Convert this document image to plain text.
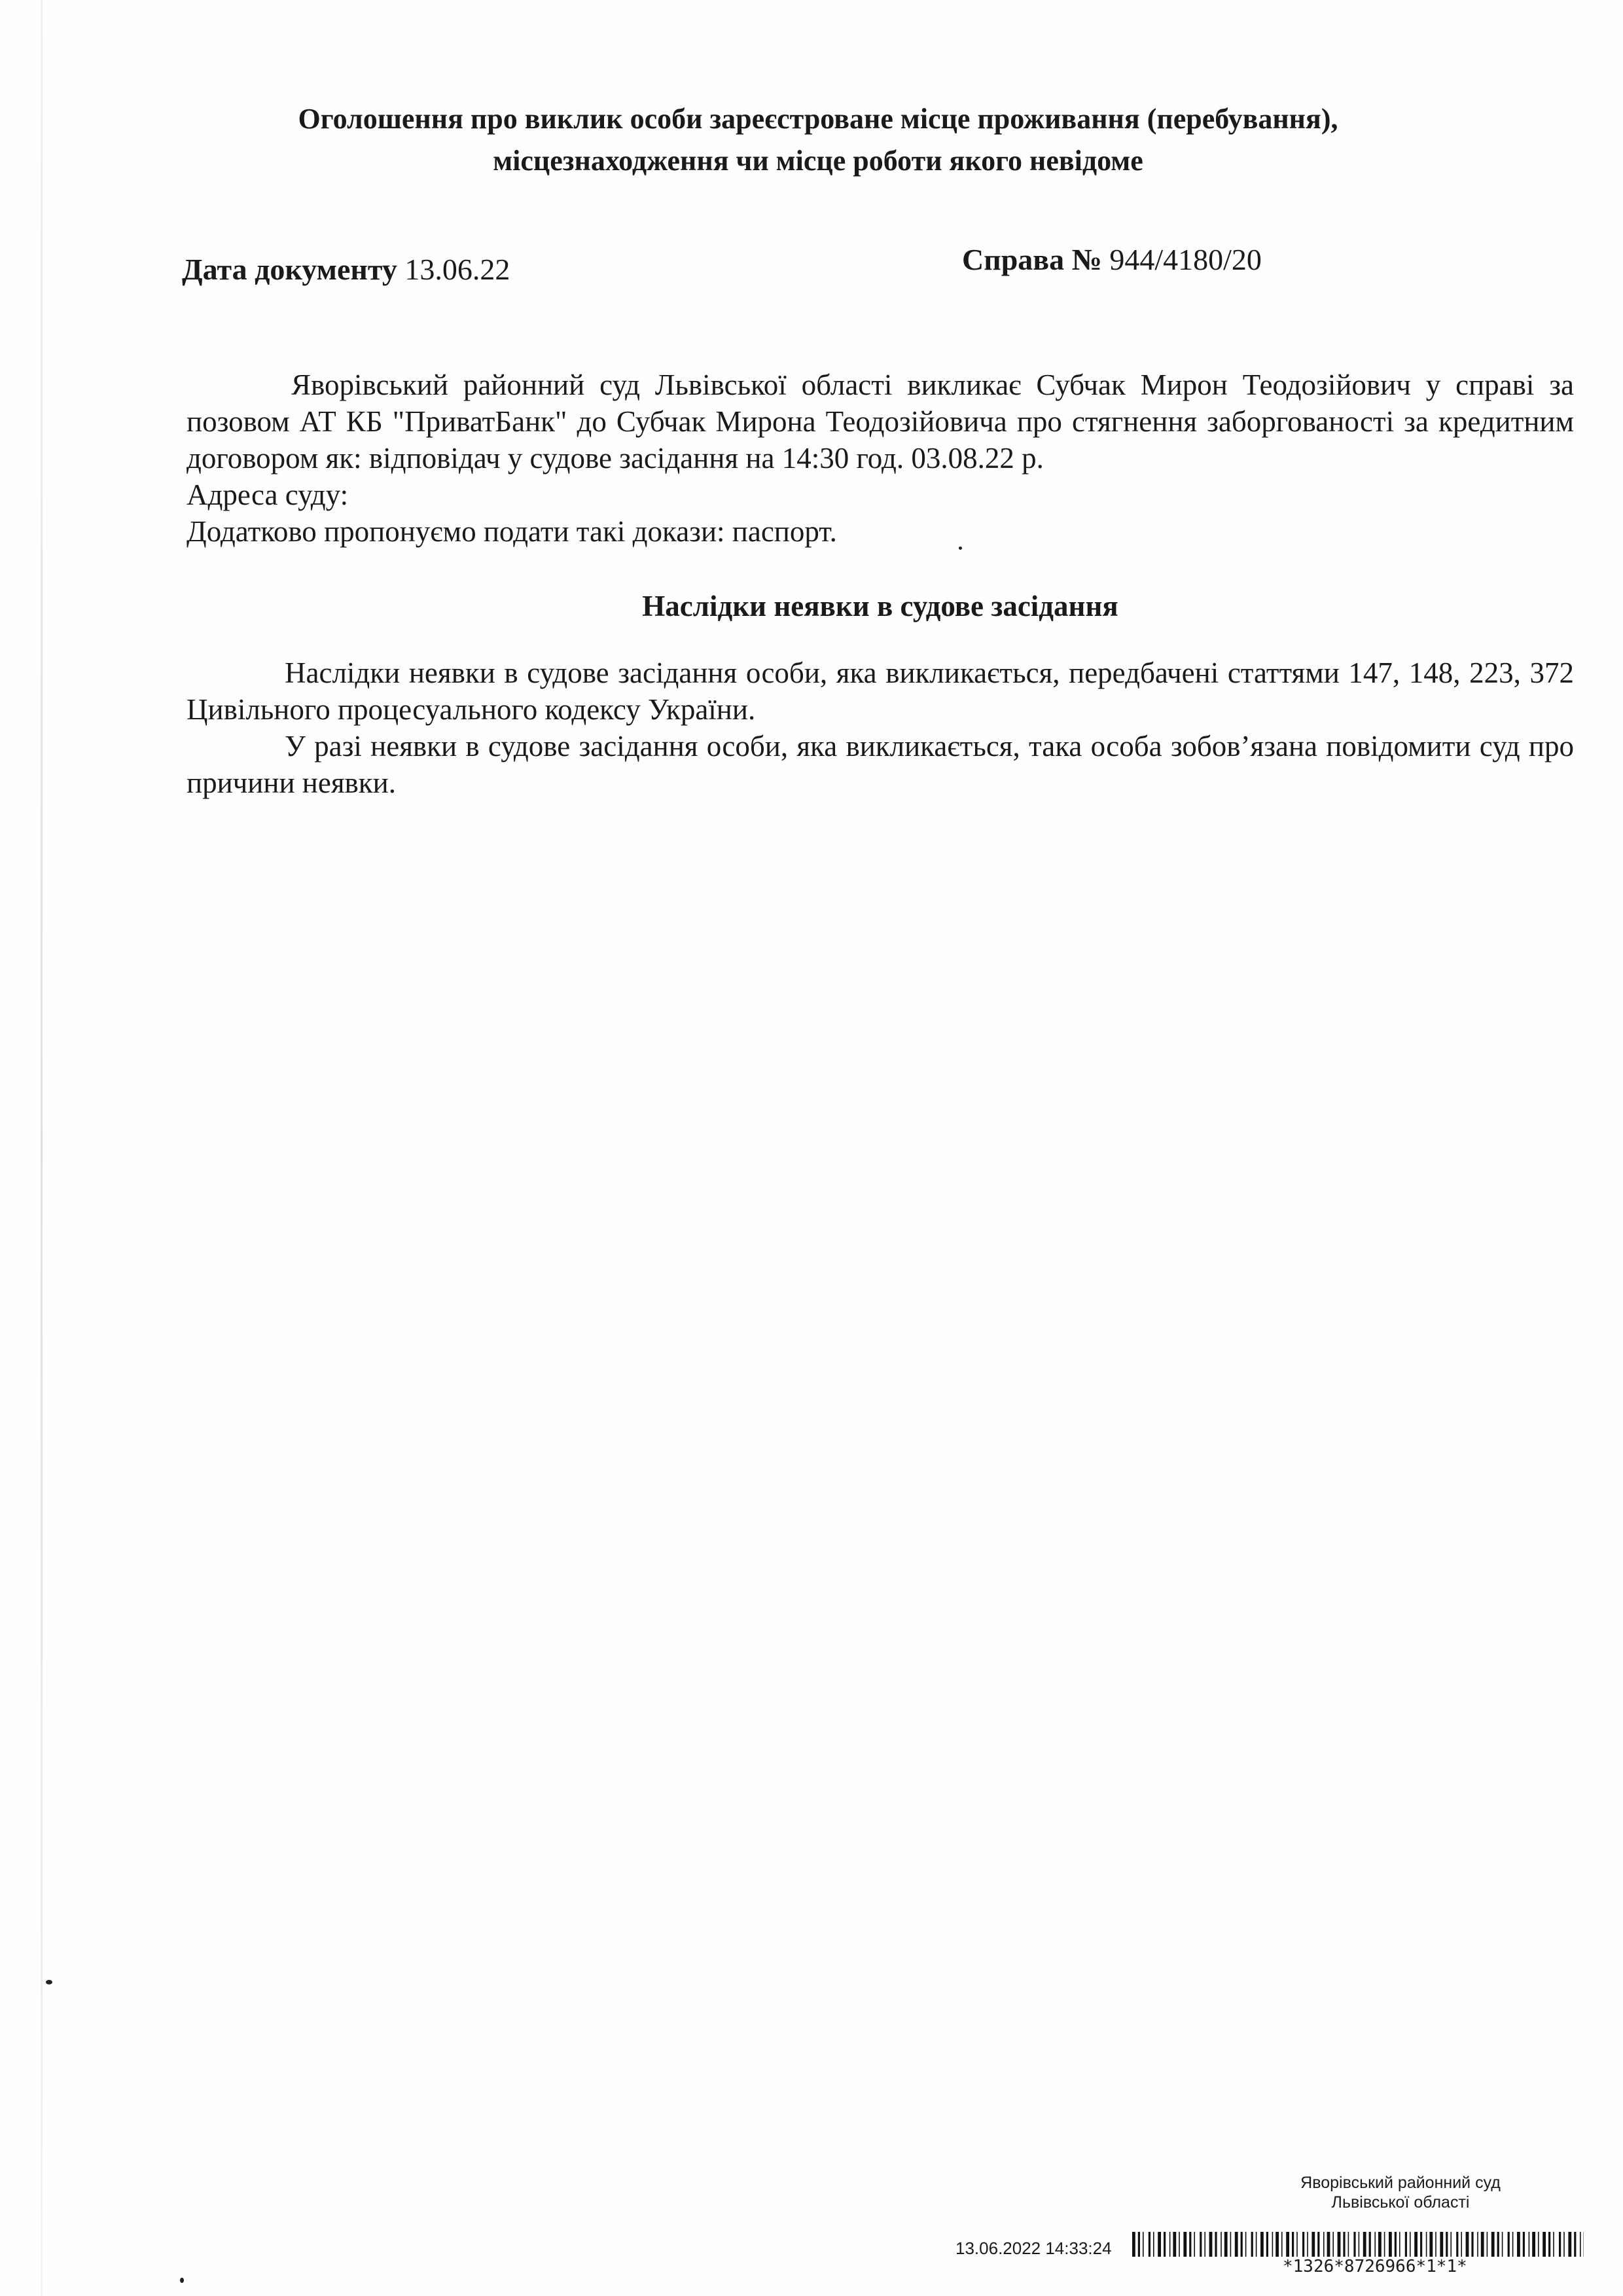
Оголошення про виклик особи зареєстроване місце проживання (перебування),
місцезнаходження чи місце роботи якого невідоме
Дата документу 13.06.22	Справа № 944/4180/20
Яворівський районний суд Львівської області викликає Субчак Мирон Теодозійович у справі за позовом АТ КБ "ПриватБанк" до Субчак Мирона Теодозійовича про стягнення заборгованості за кредитним договором як: відповідач у судове засідання на 14:30 год. 03.08.22 р.
Адреса суду:
Додатково пропонуємо подати такі докази: паспорт.
Наслідки неявки в судове засідання

Наслідки неявки в судове засідання особи, яка викликається, передбачені статтями 147, 148, 223, 372 Цивільного процесуального кодексу України.

У разі неявки в судове засідання особи, яка викликається, така особа зобов’язана повідомити суд про причини неявки.

Яворівський районний суд
Львівської області
13.06.2022 14:33:24
*1326*8726966*1*1*
